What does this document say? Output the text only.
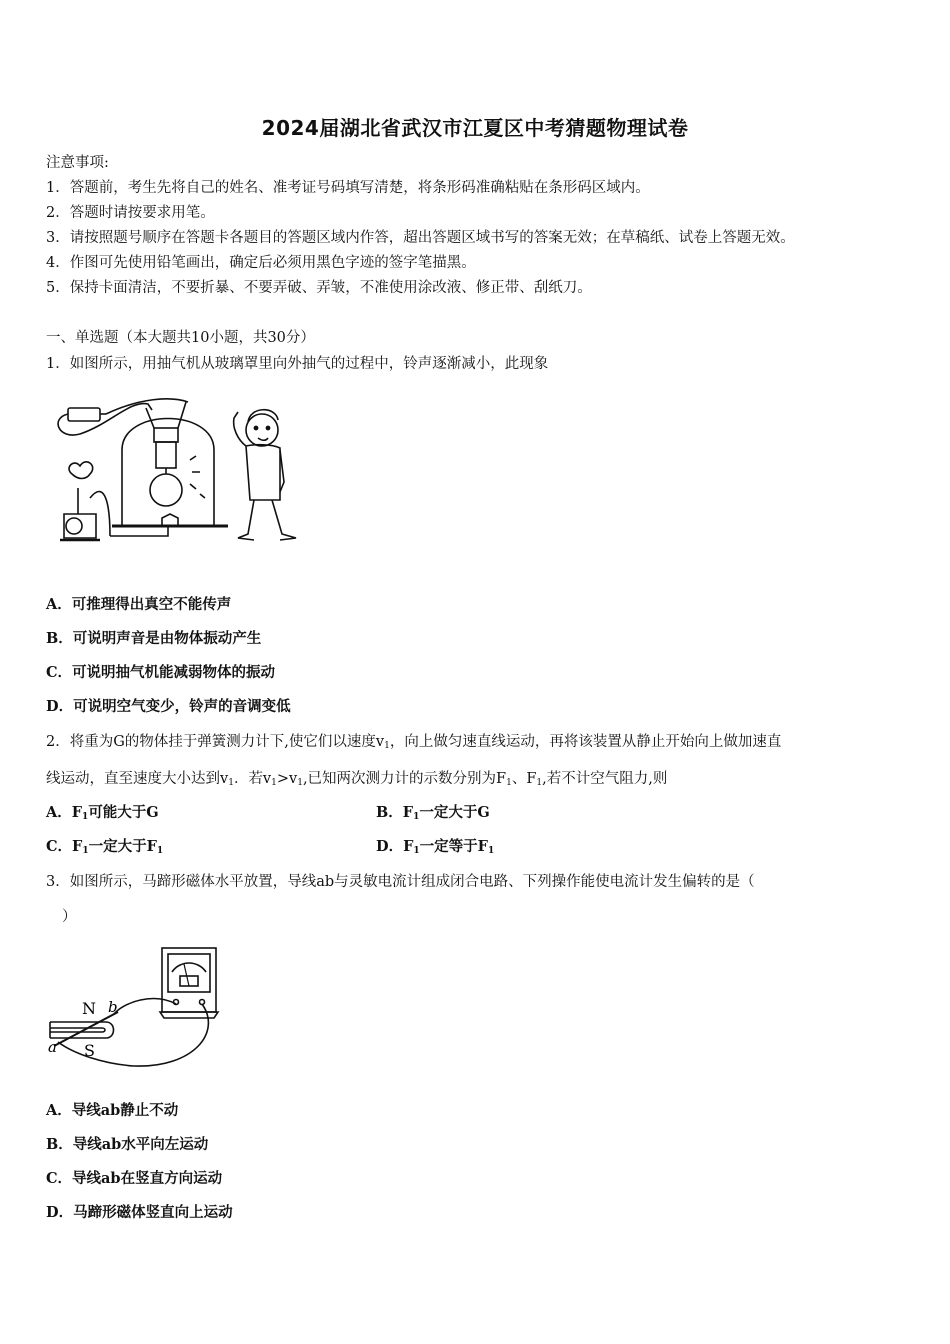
2024届湖北省武汉市江夏区中考猜题物理试卷
注意事项:
1．答题前，考生先将自己的姓名、准考证号码填写清楚，将条形码准确粘贴在条形码区域内。
2．答题时请按要求用笔。
3．请按照题号顺序在答题卡各题目的答题区域内作答，超出答题区域书写的答案无效；在草稿纸、试卷上答题无效。
4．作图可先使用铅笔画出，确定后必须用黑色字迹的签字笔描黑。
5．保持卡面清洁，不要折暴、不要弄破、弄皱，不准使用涂改液、修正带、刮纸刀。
一、单选题（本大题共10小题，共30分）
1．如图所示，用抽气机从玻璃罩里向外抽气的过程中，铃声逐渐减小，此现象
A．可推理得出真空不能传声
B．可说明声音是由物体振动产生
C．可说明抽气机能减弱物体的振动
D．可说明空气变少，铃声的音调变低
2．将重为G的物体挂于弹簧测力计下,使它们以速度$v_1$，向上做匀速直线运动，再将该装置从静止开始向上做加速直
线运动，直至速度大小达到$v_1$．若$v_1>v_1$,已知两次测力计的示数分别为$F_1$、$F_1$,若不计空气阻力,则
A．$F_1$可能大于G	B．$F_1$一定大于G
C．$F_1$一定大于$F_1$	D．$F_1$一定等于$F_1$
3．如图所示，马蹄形磁体水平放置，导线ab与灵敏电流计组成闭合电路、下列操作能使电流计发生偏转的是（
）
N
S
a
b
A．导线ab静止不动
B．导线ab水平向左运动
C．导线ab在竖直方向运动
D．马蹄形磁体竖直向上运动
